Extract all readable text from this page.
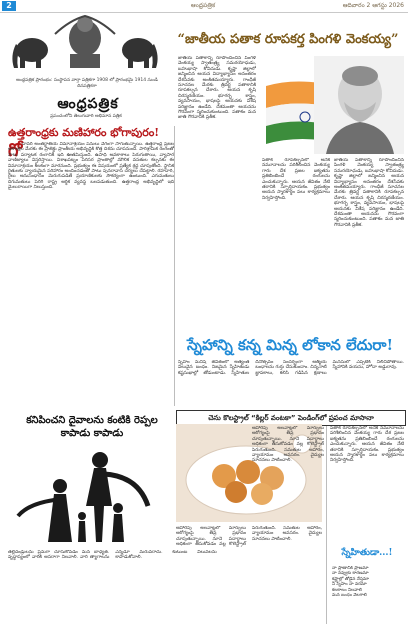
2	ఆంధ్రపత్రిక	ఆదివారం 2 ఆగస్టు 2026
ఆంధ్రపత్రిక ప్రారంభం: సంస్థాపన వార్తా పత్రికగా 1908 లో ప్రారంభమై 1914 నుండి దినపత్రికగా
ఆంధ్రపత్రిక
ప్రపంచంలోని తెలుగువారి అభిమాన పత్రిక
“జాతీయ పతాక రూపకర్త పింగళి వెంకయ్య”
ఉత్తరాంధ్రకు మణిహారం భోగాపురం!
గో దావరి అంతర్జాతీయ విమానాశ్రయం పనులు వేగంగా సాగుతున్నాయి. ఉత్తరాంధ్ర ప్రజల ఆకాంక్షల మేరకు ఈ ప్రాజెక్టు ప్రాంతీయ అభివృద్ధికి కొత్త దిశను చూపనుంది. పారిశ్రామిక రంగంతో పాటు పర్యాటక రంగానికీ ఇది ఊతమిస్తుంది. ఉపాధి అవకాశాలు పెరుగుతాయి, వ్యాపార వాణిజ్యాలు విస్తరిస్తాయి. విశాఖపట్నం పరిసర ప్రాంతాల్లో మౌలిక వసతుల కల్పనకు ఈ విమానాశ్రయం కీలకంగా మారనుంది. ప్రభుత్వం ఈ విషయంలో ప్రత్యేక శ్రద్ధ చూపుతోంది. స్థానిక రైతులకు న్యాయమైన పరిహారం అందించడంతో పాటు పునరావాస చర్యలు చేపట్టాలి. రహదారి, రైలు అనుసంధానం మెరుగుపడితే ప్రయాణికులకు సౌకర్యంగా ఉంటుంది. ఎగుమతులు దిగుమతులు పెరిగి రాష్ట్ర ఆర్థిక వ్యవస్థ బలపడుతుంది. ఉత్తరాంధ్ర అభివృద్ధిలో ఇది మైలురాయిగా నిలుస్తుంది.
జాతీయ పతాకాన్ని రూపొందించిన పింగళి వెంకయ్య స్వాతంత్ర్య సమరయోధుడు, బహుభాషా కోవిదుడు. కృష్ణా జిల్లాలో జన్మించిన ఆయన విద్యాభ్యాసం అనంతరం దేశసేవకు అంకితమయ్యారు. గాంధీజీ సూచనల మేరకు త్రివర్ణ పతాకానికి రూపకల్పన చేశారు. ఆయన కృషి చిరస్మరణీయం. భూగర్భ శాస్త్రం, వ్యవసాయం, భాషలపై ఆయనకు విశేష పరిజ్ఞానం ఉండేది. దేశమంతా ఆయనను గౌరవంగా స్మరించుకుంటుంది. పతాకం మన జాతి గౌరవానికి ప్రతీక.
పతాక రూపకల్పనలో అనేక నమూనాలను పరిశీలించిన వెంకయ్య గారు దేశ ప్రజల ఐక్యతను ప్రతిబింబించే రంగులను ఎంచుకున్నారు. ఆయన జీవితం నేటి తరానికి స్ఫూర్తిదాయకం. ప్రభుత్వం ఆయన స్మారకార్థం పలు కార్యక్రమాలు నిర్వహిస్తోంది.
జాతీయ పతాకాన్ని రూపొందించిన పింగళి వెంకయ్య స్వాతంత్ర్య సమరయోధుడు, బహుభాషా కోవిదుడు. కృష్ణా జిల్లాలో జన్మించిన ఆయన విద్యాభ్యాసం అనంతరం దేశసేవకు అంకితమయ్యారు. గాంధీజీ సూచనల మేరకు త్రివర్ణ పతాకానికి రూపకల్పన చేశారు. ఆయన కృషి చిరస్మరణీయం. భూగర్భ శాస్త్రం, వ్యవసాయం, భాషలపై ఆయనకు విశేష పరిజ్ఞానం ఉండేది. దేశమంతా ఆయనను గౌరవంగా స్మరించుకుంటుంది. పతాకం మన జాతి గౌరవానికి ప్రతీక.
స్నేహాన్ని కన్న మిన్న లోకాన లేదురా!
స్నేహం మనిషి జీవితంలో అత్యంత విలువైన బంధం. నిజమైన స్నేహితుడు కష్టసుఖాల్లో తోడుంటాడు. స్నేహితుల దినోత్సవం సందర్భంగా ఆత్మీయ బంధాలను గుర్తు చేసుకుందాం. చిన్ననాటి జ్ఞాపకాలు, కలిసి గడిపిన క్షణాలు మనసులో ఎప్పటికీ నిలిచిపోతాయి. స్నేహానికి వయసు, హోదా అడ్డురావు.
కనిపించని దైవాలను కంటికి రెప్పల కాపాడు కాపాడు
తల్లిదండ్రులను ప్రేమగా చూసుకోవడం మన బాధ్యత. వృద్ధాప్యంలో వారికి ఆసరాగా నిలవాలి. వారి త్యాగాలను ఎన్నడూ మరువరాదు. కుటుంబ విలువలను కాపాడుకోవాలి.
చెను కొలస్ట్రాల్ “కిల్లర్ వంటకా” పెండింగ్‌లో ప్రపంచ మాసానా
ఆహారపు అలవాట్లలో మార్పులు ఆరోగ్యంపై తీవ్ర ప్రభావం చూపుతున్నాయి. నూనె పదార్థాలు అధికంగా తీసుకోవడం వల్ల కొలెస్ట్రాల్ పెరుగుతుంది. సమతుల ఆహారం, వ్యాయామం అవసరం. వైద్యుల సూచనలు పాటించాలి.
ఆహారపు అలవాట్లలో మార్పులు ఆరోగ్యంపై తీవ్ర ప్రభావం చూపుతున్నాయి. నూనె పదార్థాలు అధికంగా తీసుకోవడం వల్ల కొలెస్ట్రాల్ పెరుగుతుంది. సమతుల ఆహారం, వ్యాయామం అవసరం. వైద్యుల సూచనలు పాటించాలి.
పతాక రూపకల్పనలో అనేక నమూనాలను పరిశీలించిన వెంకయ్య గారు దేశ ప్రజల ఐక్యతను ప్రతిబింబించే రంగులను ఎంచుకున్నారు. ఆయన జీవితం నేటి తరానికి స్ఫూర్తిదాయకం. ప్రభుత్వం ఆయన స్మారకార్థం పలు కార్యక్రమాలు నిర్వహిస్తోంది.
స్నేహితుడా...!
నా ప్రాణానికి ప్రాణమా
నా నవ్వుకు కారణమా
కష్టాల్లో తోడైన నేస్తమా
నీ స్నేహం నా వరమా
కలకాలం నిలవాలి
మన బంధం వెలగాలి
